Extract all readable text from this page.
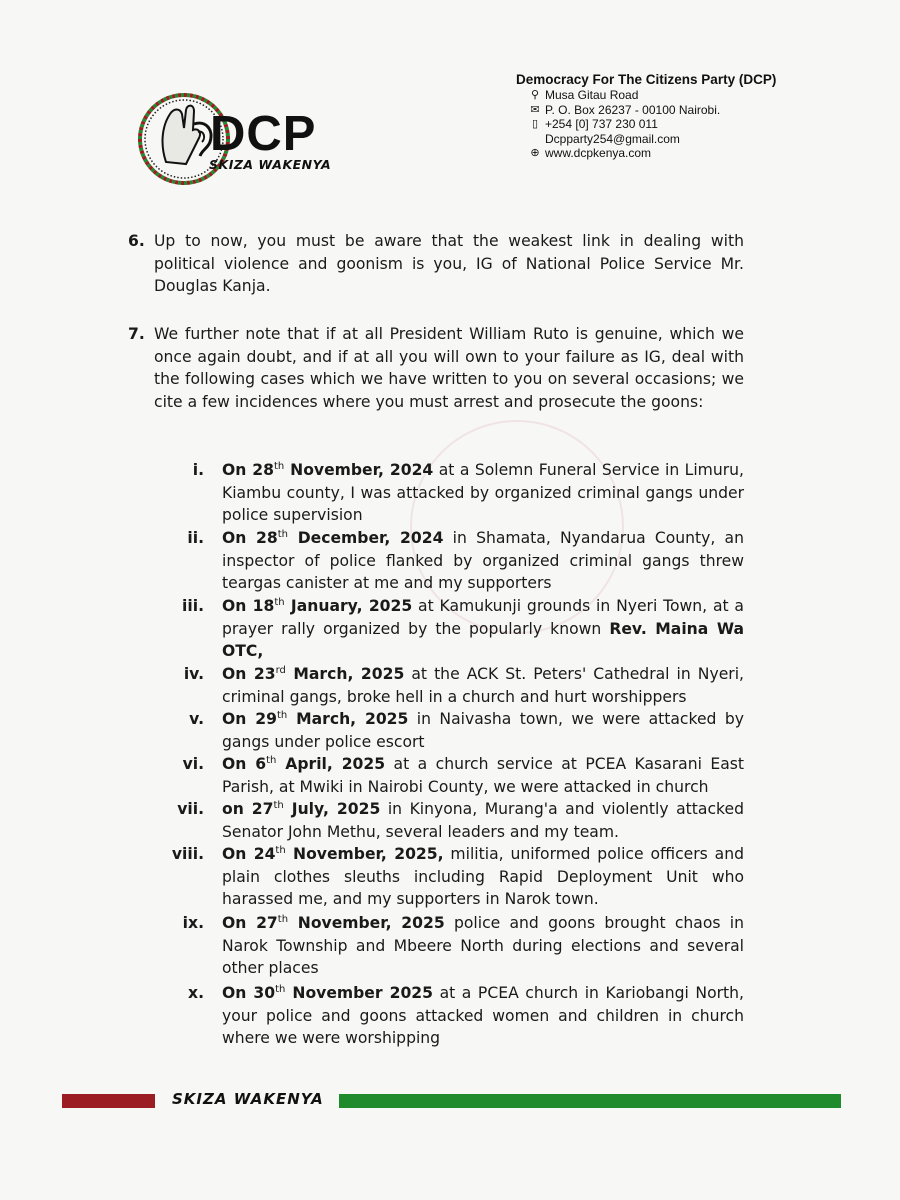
DCP
SKIZA WAKENYA
Democracy For The Citizens Party (DCP)
⚲ Musa Gitau Road
✉ P. O. Box 26237 - 00100 Nairobi.
▯ +254 [0] 737 230 011
Dcpparty254@gmail.com
⊕ www.dcpkenya.com
6. Up to now, you must be aware that the weakest link in dealing with political violence and goonism is you, IG of National Police Service Mr. Douglas Kanja.
7. We further note that if at all President William Ruto is genuine, which we once again doubt, and if at all you will own to your failure as IG, deal with the following cases which we have written to you on several occasions; we cite a few incidences where you must arrest and prosecute the goons:
i. On 28th November, 2024 at a Solemn Funeral Service in Limuru, Kiambu county, I was attacked by organized criminal gangs under police supervision
ii. On 28th December, 2024 in Shamata, Nyandarua County, an inspector of police flanked by organized criminal gangs threw teargas canister at me and my supporters
iii. On 18th January, 2025 at Kamukunji grounds in Nyeri Town, at a prayer rally organized by the popularly known Rev. Maina Wa OTC,
iv. On 23rd March, 2025 at the ACK St. Peters' Cathedral in Nyeri, criminal gangs, broke hell in a church and hurt worshippers
v. On 29th March, 2025 in Naivasha town, we were attacked by gangs under police escort
vi. On 6th April, 2025 at a church service at PCEA Kasarani East Parish, at Mwiki in Nairobi County, we were attacked in church
vii. on 27th July, 2025 in Kinyona, Murang'a and violently attacked Senator John Methu, several leaders and my team.
viii. On 24th November, 2025, militia, uniformed police officers and plain clothes sleuths including Rapid Deployment Unit who harassed me, and my supporters in Narok town.
ix. On 27th November, 2025 police and goons brought chaos in Narok Township and Mbeere North during elections and several other places
x. On 30th November 2025 at a PCEA church in Kariobangi North, your police and goons attacked women and children in church where we were worshipping
SKIZA WAKENYA
